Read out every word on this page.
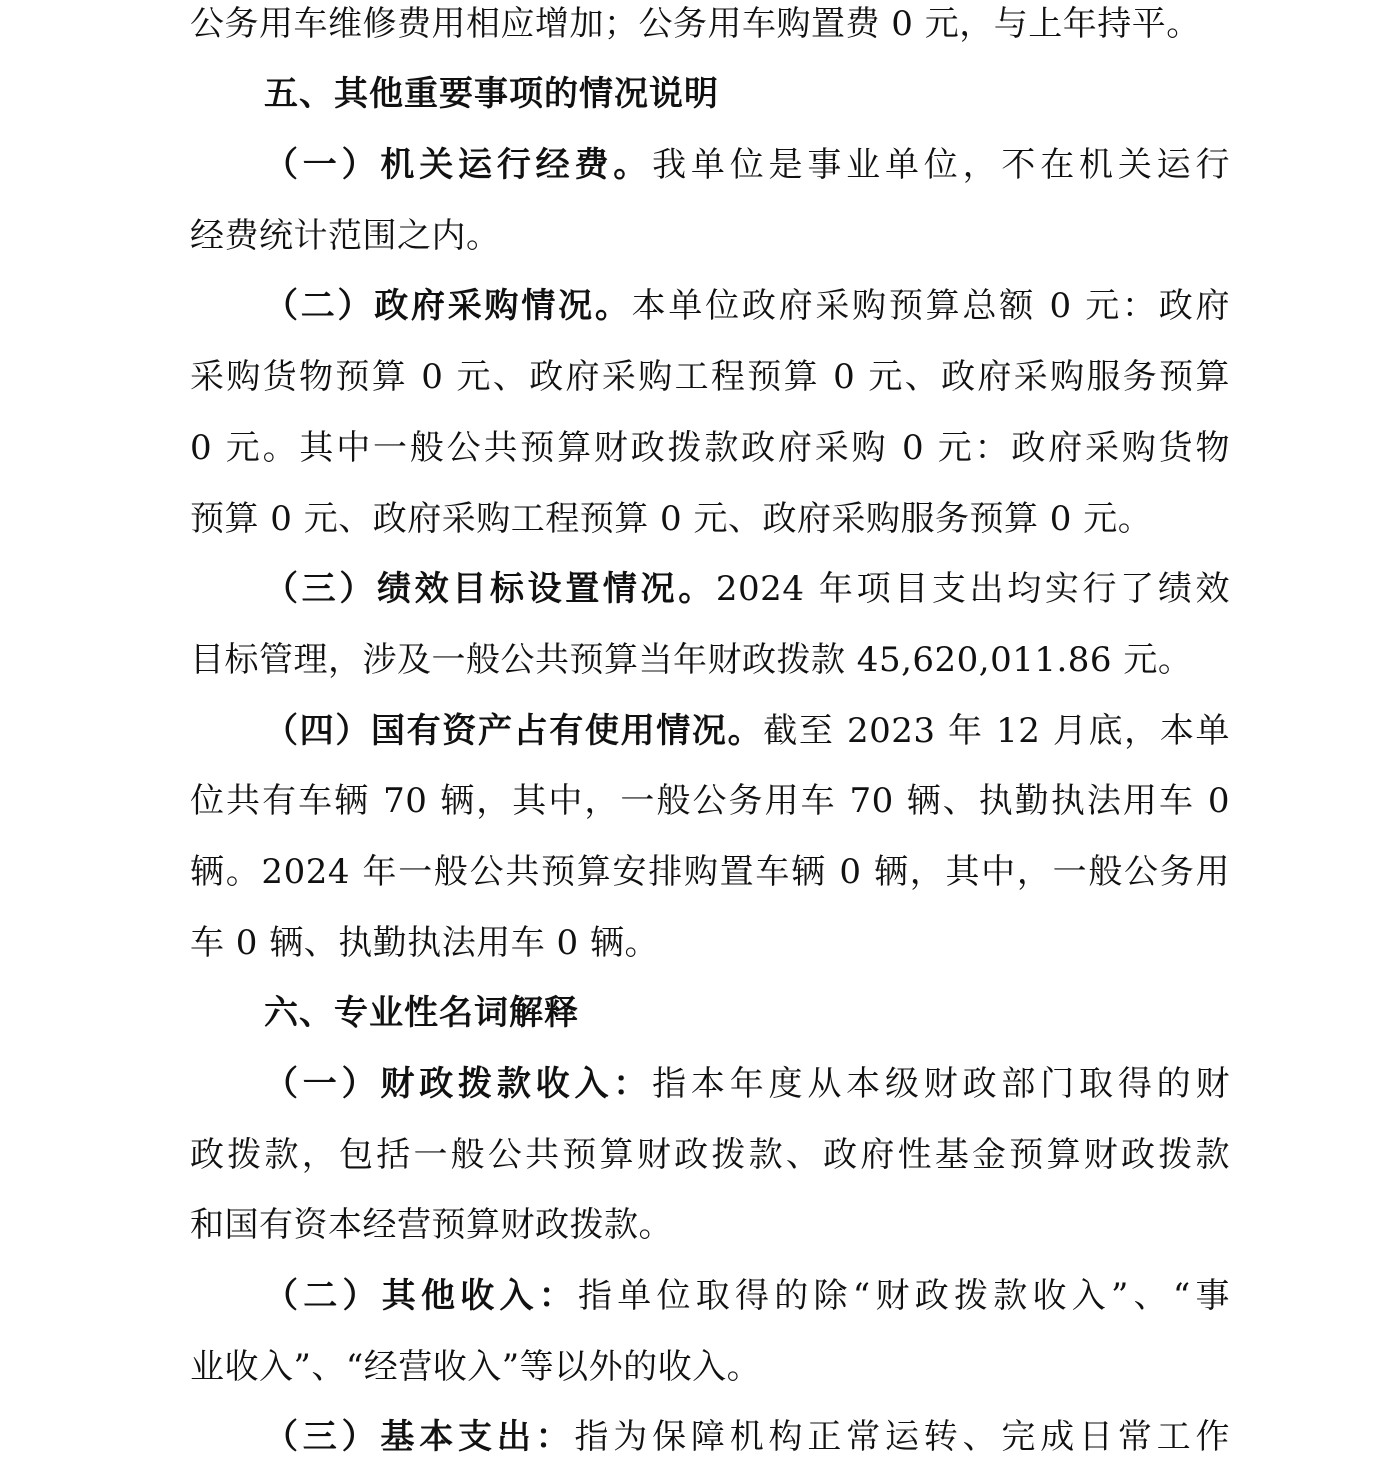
公务用车维修费用相应增加；公务用车购置费 0 元，与上年持平。
五、其他重要事项的情况说明
（一）机关运行经费。我单位是事业单位，不在机关运行
经费统计范围之内。
（二）政府采购情况。本单位政府采购预算总额 0 元：政府
采购货物预算 0 元、政府采购工程预算 0 元、政府采购服务预算
0 元。其中一般公共预算财政拨款政府采购 0 元：政府采购货物
预算 0 元、政府采购工程预算 0 元、政府采购服务预算 0 元。
（三）绩效目标设置情况。2024 年项目支出均实行了绩效
目标管理，涉及一般公共预算当年财政拨款 45,620,011.86 元。
（四）国有资产占有使用情况。截至 2023 年 12 月底，本单
位共有车辆 70 辆，其中，一般公务用车 70 辆、执勤执法用车 0
辆。2024 年一般公共预算安排购置车辆 0 辆，其中，一般公务用
车 0 辆、执勤执法用车 0 辆。
六、专业性名词解释
（一）财政拨款收入：指本年度从本级财政部门取得的财
政拨款，包括一般公共预算财政拨款、政府性基金预算财政拨款
和国有资本经营预算财政拨款。
（二）其他收入：指单位取得的除“财政拨款收入”、“事
业收入”、“经营收入”等以外的收入。
（三）基本支出：指为保障机构正常运转、完成日常工作
